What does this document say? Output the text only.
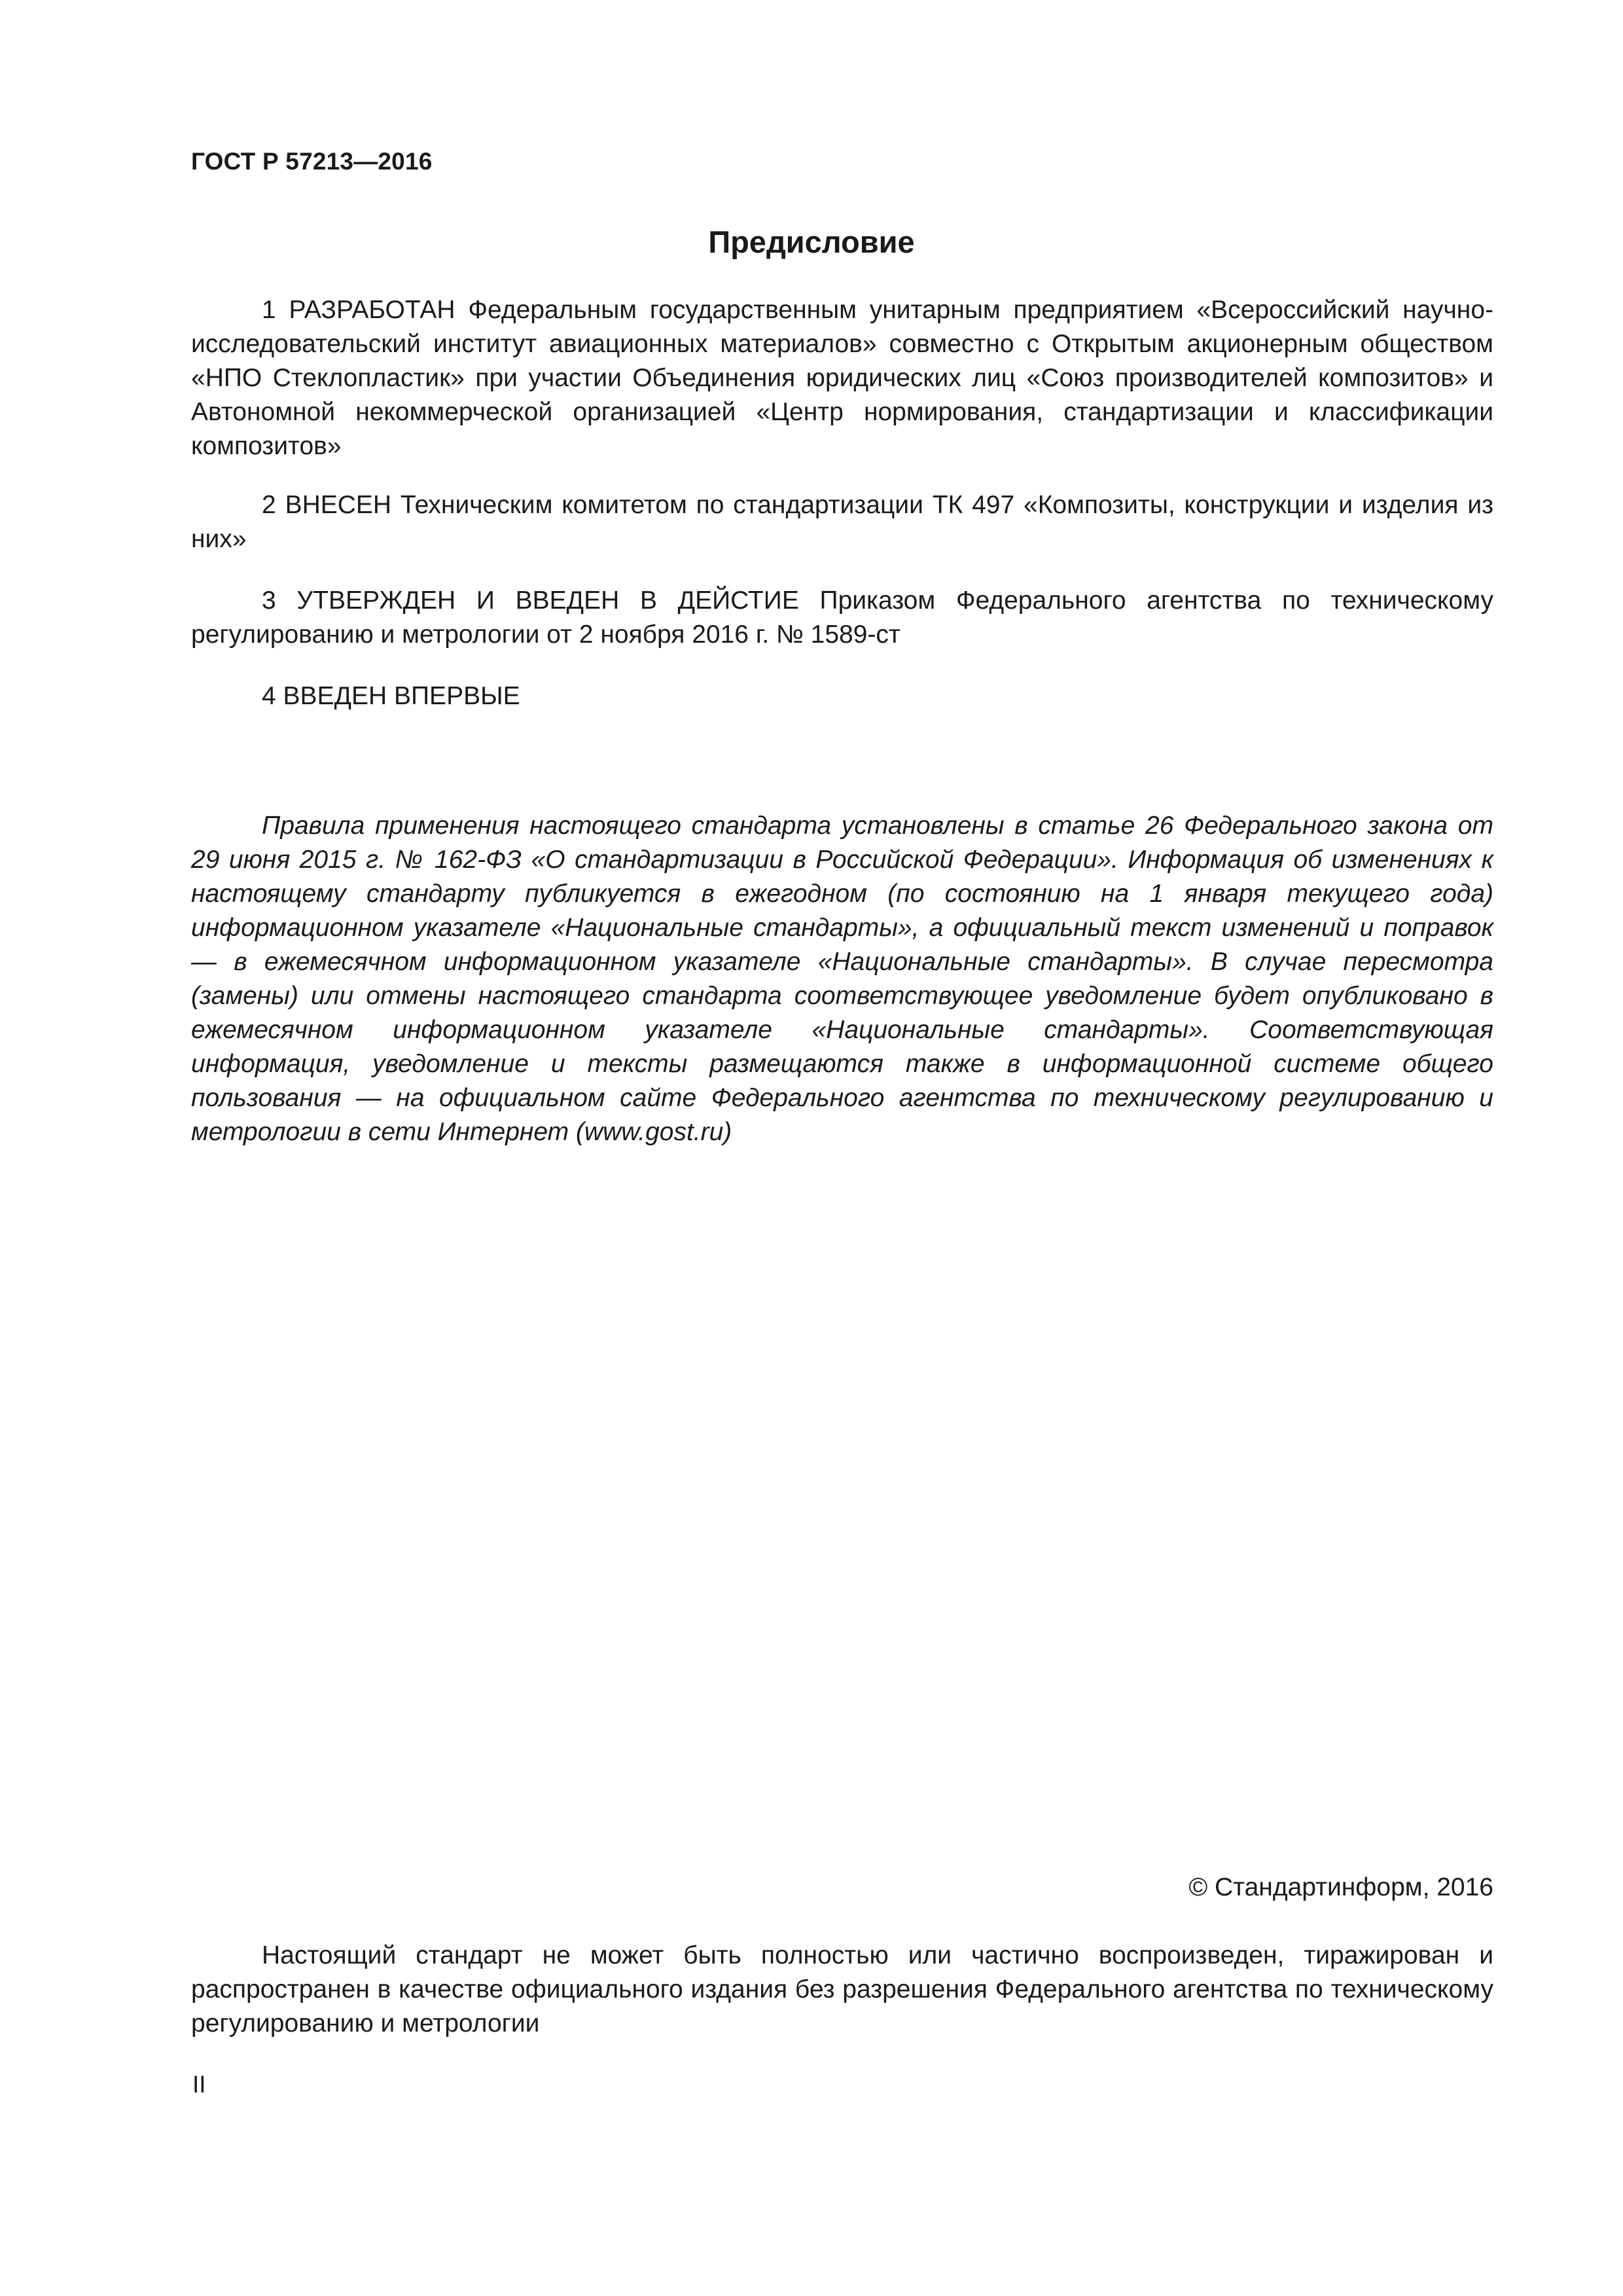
ГОСТ Р 57213—2016
Предисловие

1 РАЗРАБОТАН Федеральным государственным унитарным предприятием «Всероссийский научно-исследовательский институт авиационных материалов» совместно с Открытым акционерным обществом «НПО Стеклопластик» при участии Объединения юридических лиц «Союз производителей композитов» и Автономной некоммерческой организацией «Центр нормирования, стандартизации и классификации композитов»

2 ВНЕСЕН Техническим комитетом по стандартизации ТК 497 «Композиты, конструкции и изделия из них»

3 УТВЕРЖДЕН И ВВЕДЕН В ДЕЙСТИЕ Приказом Федерального агентства по техническому регулированию и метрологии от 2 ноября 2016 г. № 1589-ст

4 ВВЕДЕН ВПЕРВЫЕ

Правила применения настоящего стандарта установлены в статье 26 Федерального закона от 29 июня 2015 г. № 162-ФЗ «О стандартизации в Российской Федерации». Информация об изменениях к настоящему стандарту публикуется в ежегодном (по состоянию на 1 января текущего года) информационном указателе «Национальные стандарты», а официальный текст изменений и поправок — в ежемесячном информационном указателе «Национальные стандарты». В случае пересмотра (замены) или отмены настоящего стандарта соответствующее уведомление будет опубликовано в ежемесячном информационном указателе «Национальные стандарты». Соответствующая информация, уведомление и тексты размещаются также в информационной системе общего пользования — на официальном сайте Федерального агентства по техническому регулированию и метрологии в сети Интернет (www.gost.ru)

© Стандартинформ, 2016

Настоящий стандарт не может быть полностью или частично воспроизведен, тиражирован и распространен в качестве официального издания без разрешения Федерального агентства по техническому регулированию и метрологии

II
